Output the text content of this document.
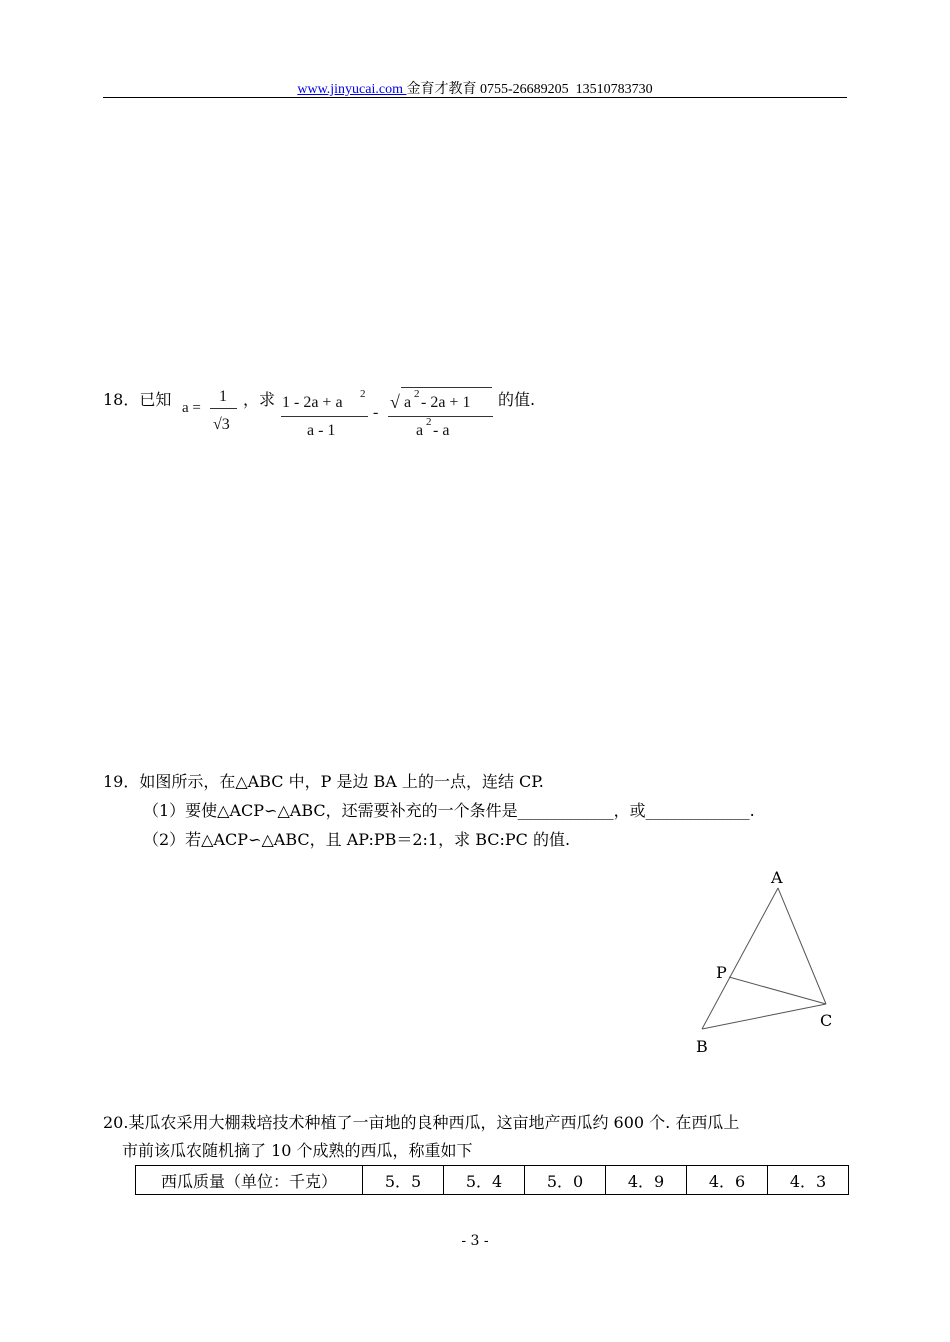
www.jinyucai.com 金育才教育 0755-26689205 13510783730
18．已知 a =
1
√3
，求 1 - 2a + a 2
a - 1
-
√ a 2 - 2a + 1
a 2 - a
的值.
19．如图所示，在△ABC 中，P 是边 BA 上的一点，连结 CP.
（1）要使△ACP∽△ABC，还需要补充的一个条件是____________，或_____________.
（2）若△ACP∽△ABC，且 AP:PB＝2:1，求 BC:PC 的值.
A
P
C
B
20.某瓜农采用大棚栽培技术种植了一亩地的良种西瓜，这亩地产西瓜约 600 个. 在西瓜上
市前该瓜农随机摘了 10 个成熟的西瓜，称重如下
西瓜质量（单位：千克）	5．5	5．4	5．0	4．9	4．6	4．3
- 3 -
